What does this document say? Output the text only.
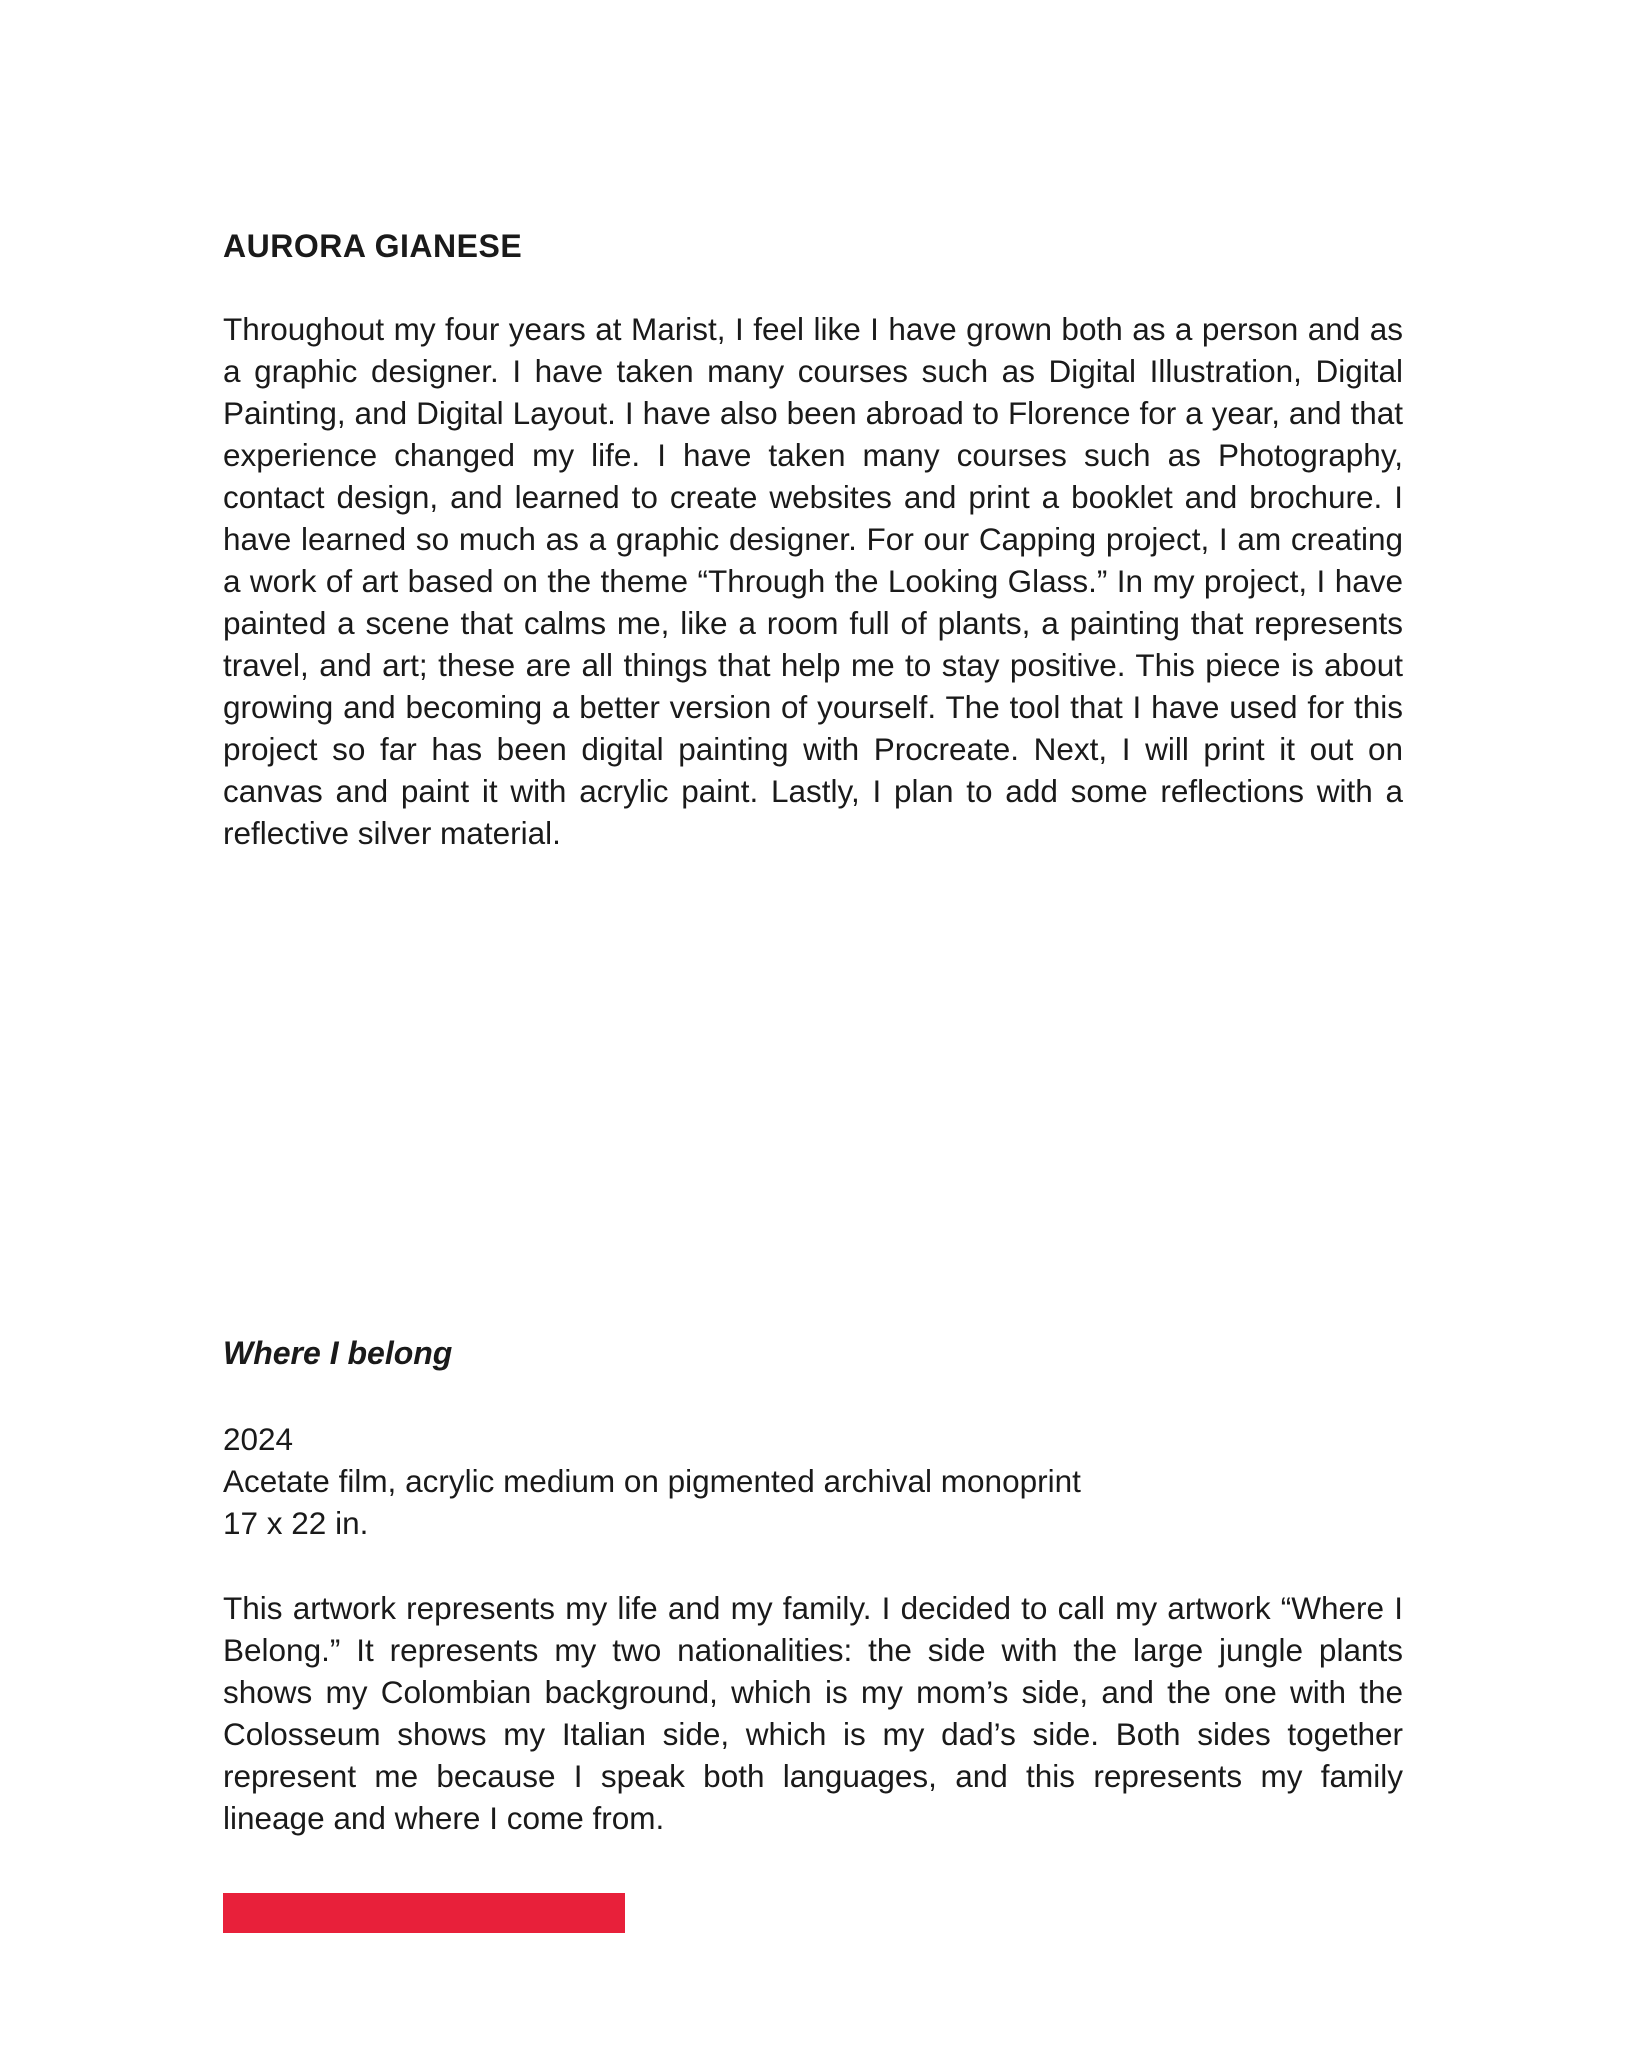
AURORA GIANESE

Throughout my four years at Marist, I feel like I have grown both as a person and as a graphic designer. I have taken many courses such as Digital Illustration, Digital Painting, and Digital Layout. I have also been abroad to Florence for a year, and that experience changed my life. I have taken many courses such as Photography, contact design, and learned to create websites and print a booklet and brochure. I have learned so much as a graphic designer. For our Capping project, I am creating a work of art based on the theme “Through the Looking Glass.” In my project, I have painted a scene that calms me, like a room full of plants, a painting that represents travel, and art; these are all things that help me to stay positive. This piece is about growing and becoming a better version of yourself. The tool that I have used for this project so far has been digital painting with Procreate. Next, I will print it out on canvas and paint it with acrylic paint. Lastly, I plan to add some reflections with a reflective silver material.

Where I belong
2024
Acetate film, acrylic medium on pigmented archival monoprint
17 x 22 in.

This artwork represents my life and my family. I decided to call my artwork “Where I Belong.” It represents my two nationalities: the side with the large jungle plants shows my Colombian background, which is my mom’s side, and the one with the Colosseum shows my Italian side, which is my dad’s side. Both sides together represent me because I speak both languages, and this represents my family lineage and where I come from.
